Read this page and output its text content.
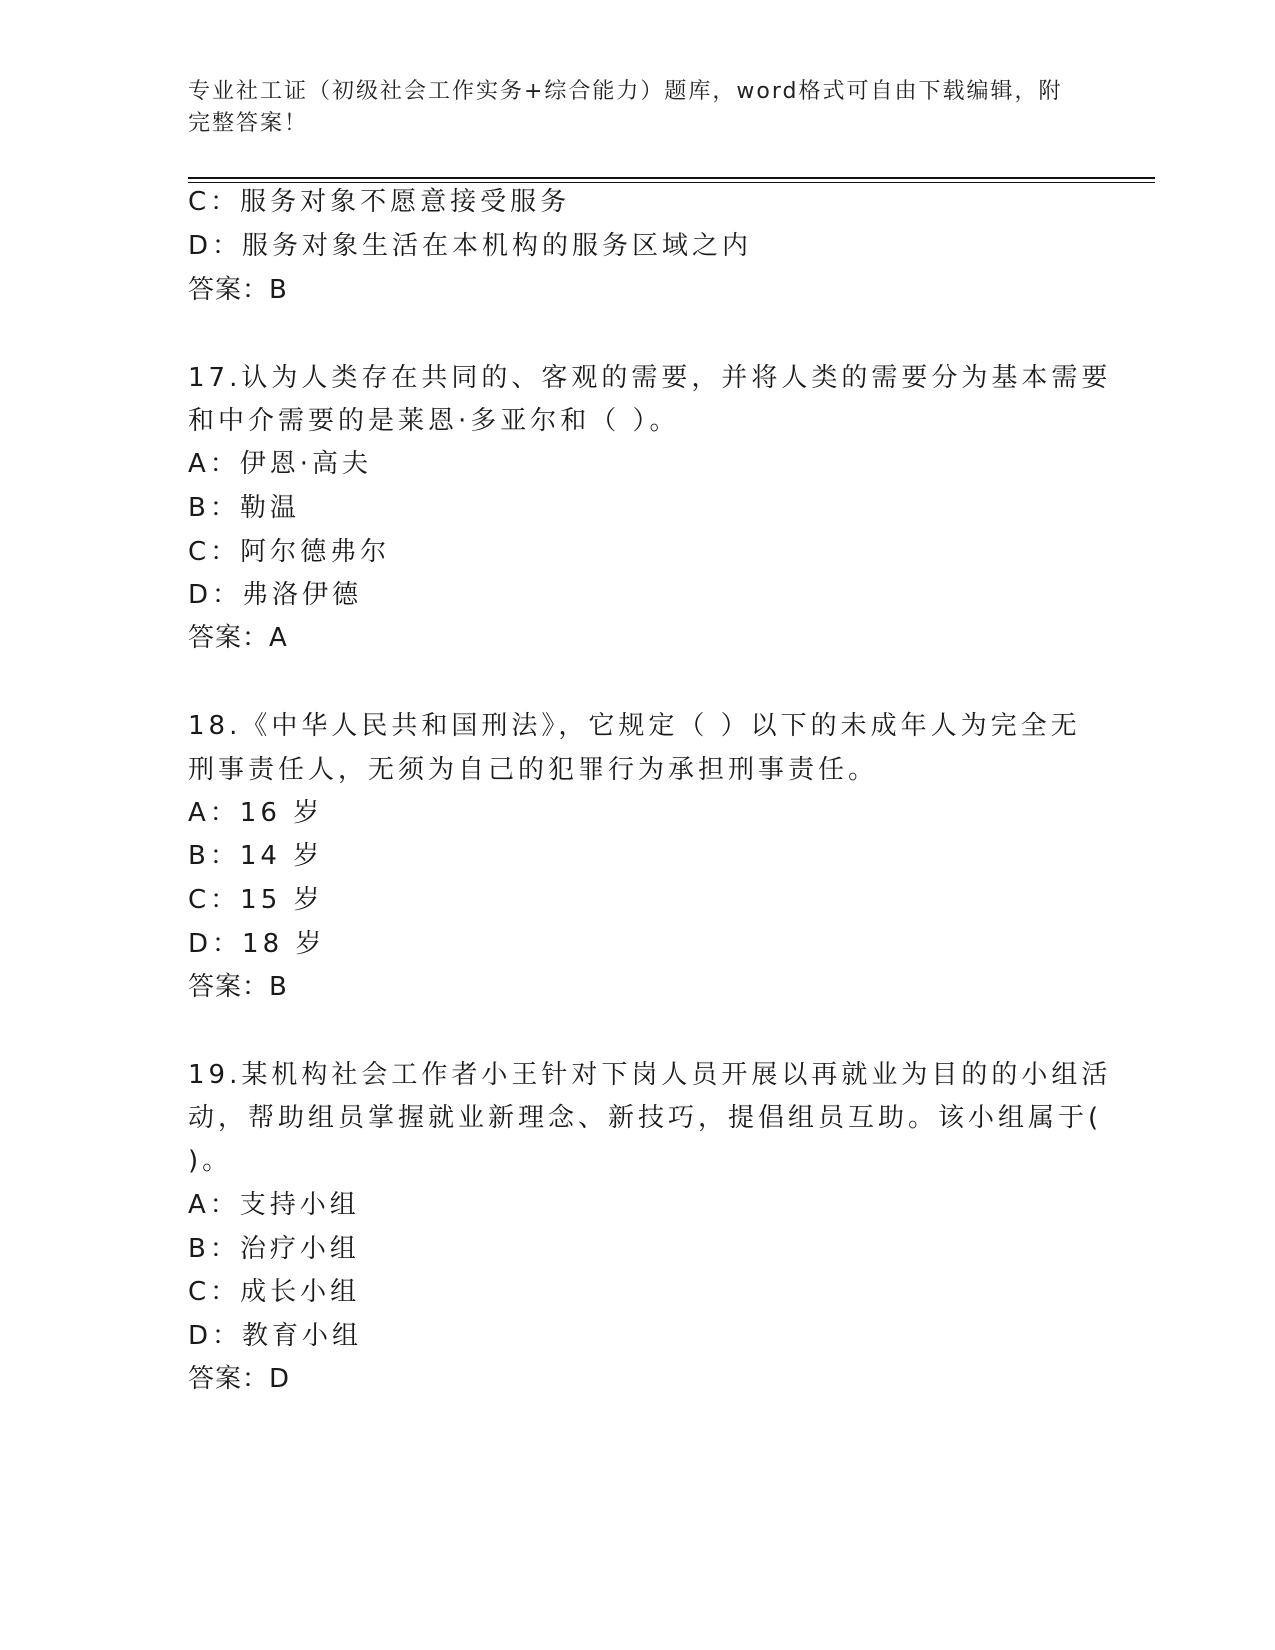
专业社工证（初级社会工作实务+综合能力）题库，word格式可自由下载编辑，附
完整答案！
C：服务对象不愿意接受服务
D：服务对象生活在本机构的服务区域之内
答案：B
17.认为人类存在共同的、客观的需要，并将人类的需要分为基本需要
和中介需要的是莱恩·多亚尔和（ ）。
A：伊恩·高夫
B：勒温
C：阿尔德弗尔
D：弗洛伊德
答案：A
18.《中华人民共和国刑法》，它规定（ ）以下的未成年人为完全无
刑事责任人，无须为自己的犯罪行为承担刑事责任。
A：16 岁
B：14 岁
C：15 岁
D：18 岁
答案：B
19.某机构社会工作者小王针对下岗人员开展以再就业为目的的小组活
动，帮助组员掌握就业新理念、新技巧，提倡组员互助。该小组属于(
)。
A：支持小组
B：治疗小组
C：成长小组
D：教育小组
答案：D
